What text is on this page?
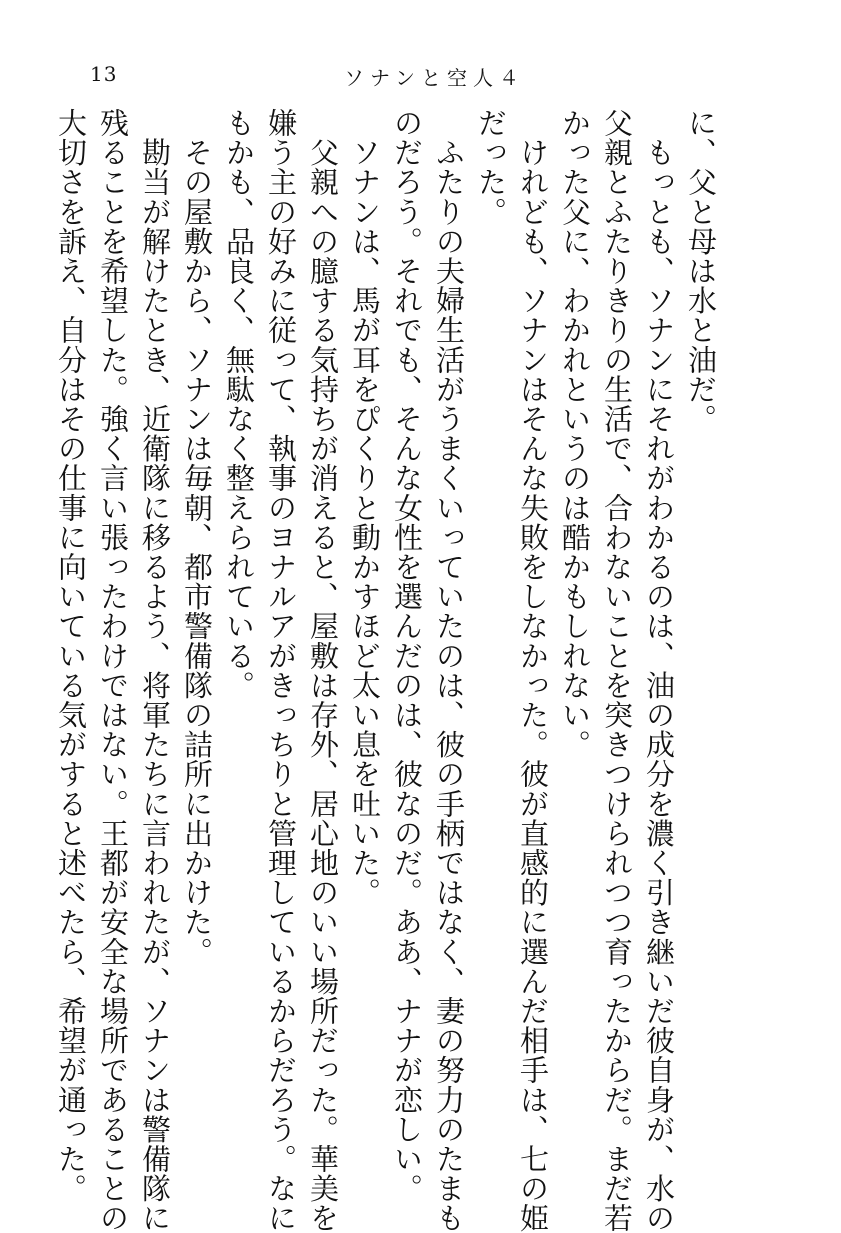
13	ソナンと空人４
に、父と母は水と油だ。
　もっとも、ソナンにそれがわかるのは、油の成分を濃く引き継いだ彼自身が、水の
父親とふたりきりの生活で、合わないことを突きつけられつつ育ったからだ。まだ若
かった父に、わかれというのは酷かもしれない。
　けれども、ソナンはそんな失敗をしなかった。彼が直感的に選んだ相手は、七の姫
だった。
　ふたりの夫婦生活がうまくいっていたのは、彼の手柄ではなく、妻の努力のたまも
のだろう。それでも、そんな女性を選んだのは、彼なのだ。ああ、ナナが恋しい。
　ソナンは、馬が耳をぴくりと動かすほど太い息を吐いた。
　父親への臆する気持ちが消えると、屋敷は存外、居心地のいい場所だった。華美を
嫌う主の好みに従って、執事のヨナルアがきっちりと管理しているからだろう。なに
もかも、品良く、無駄なく整えられている。
　その屋敷から、ソナンは毎朝、都市警備隊の詰所に出かけた。
　勘当が解けたとき、近衛隊に移るよう、将軍たちに言われたが、ソナンは警備隊に
残ることを希望した。強く言い張ったわけではない。王都が安全な場所であることの
大切さを訴え、自分はその仕事に向いている気がすると述べたら、希望が通った。
